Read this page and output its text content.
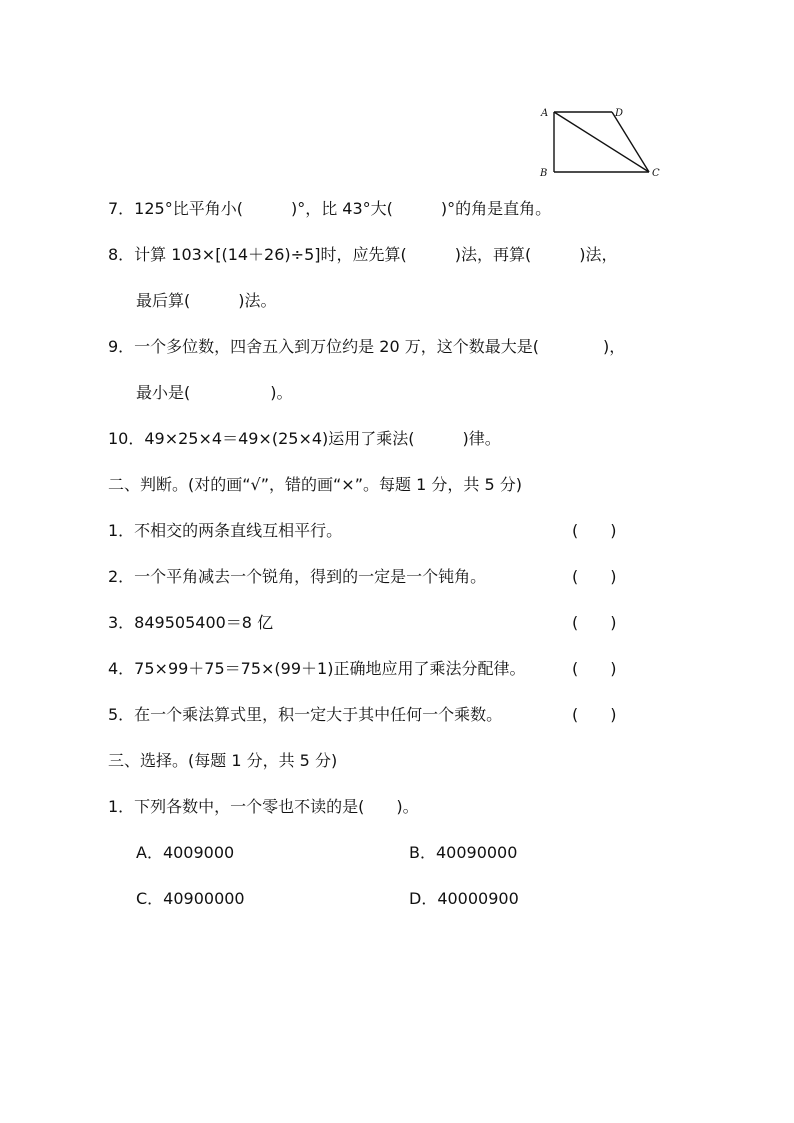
A	D
B	C
7．125°比平角小(　　　)°，比 43°大(　　　)°的角是直角。
8．计算 103×[(14＋26)÷5]时，应先算(　　　)法，再算(　　　)法，
最后算(　　　)法。
9．一个多位数，四舍五入到万位约是 20 万，这个数最大是(　　　　)，
最小是(　　　　　)。
10．49×25×4＝49×(25×4)运用了乘法(　　　)律。
二、判断。(对的画“√”，错的画“×”。每题 1 分，共 5 分)
1．不相交的两条直线互相平行。	(　　)
2．一个平角减去一个锐角，得到的一定是一个钝角。	(　　)
3．849505400＝8 亿	(　　)
4．75×99＋75＝75×(99＋1)正确地应用了乘法分配律。	(　　)
5．在一个乘法算式里，积一定大于其中任何一个乘数。	(　　)
三、选择。(每题 1 分，共 5 分)
1．下列各数中，一个零也不读的是(　　)。
A．4009000	B．40090000
C．40900000	D．40000900
